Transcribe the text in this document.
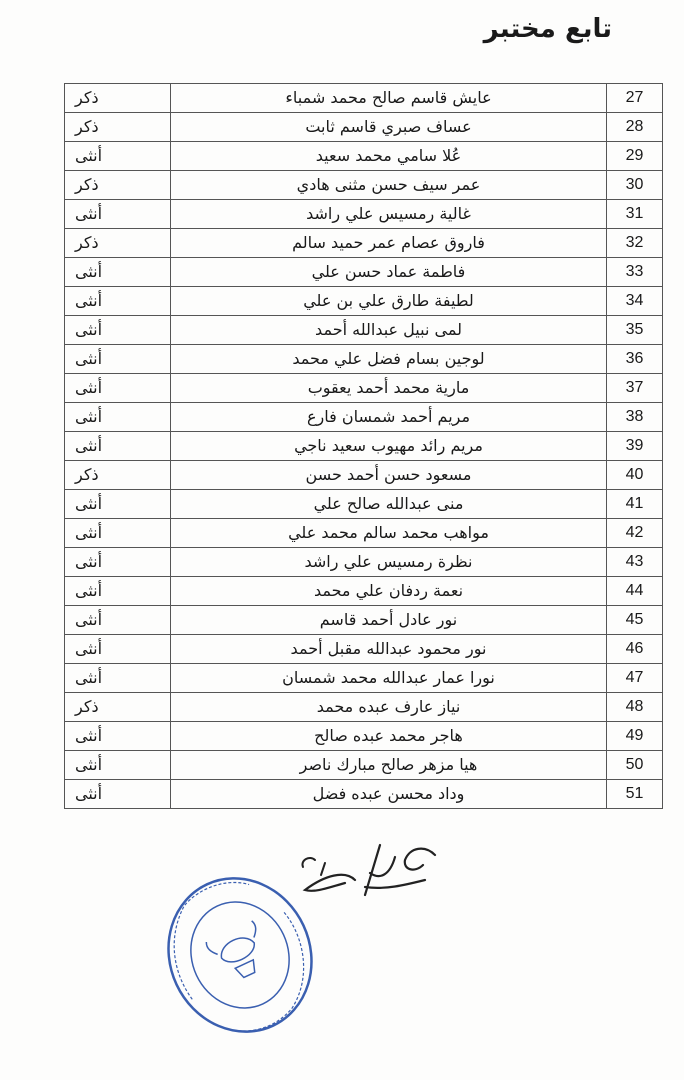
تابع مختبر
27	عايش قاسم صالح محمد شمباء	ذكر
28	عساف صبري قاسم ثابت	ذكر
29	عُلا سامي محمد سعيد	أنثى
30	عمر سيف حسن مثنى هادي	ذكر
31	غالية رمسيس علي راشد	أنثى
32	فاروق عصام عمر حميد سالم	ذكر
33	فاطمة عماد حسن علي	أنثى
34	لطيفة طارق علي بن علي	أنثى
35	لمى نبيل عبدالله أحمد	أنثى
36	لوجين بسام فضل علي محمد	أنثى
37	مارية محمد أحمد يعقوب	أنثى
38	مريم أحمد شمسان فارع	أنثى
39	مريم رائد مهيوب سعيد ناجي	أنثى
40	مسعود حسن أحمد حسن	ذكر
41	منى عبدالله صالح علي	أنثى
42	مواهب محمد سالم محمد علي	أنثى
43	نظرة رمسيس علي راشد	أنثى
44	نعمة ردفان علي محمد	أنثى
45	نور عادل أحمد قاسم	أنثى
46	نور محمود عبدالله مقبل أحمد	أنثى
47	نورا عمار عبدالله محمد شمسان	أنثى
48	نياز عارف عبده محمد	ذكر
49	هاجر محمد عبده صالح	أنثى
50	هيا مزهر صالح مبارك ناصر	أنثى
51	وداد محسن عبده فضل	أنثى
